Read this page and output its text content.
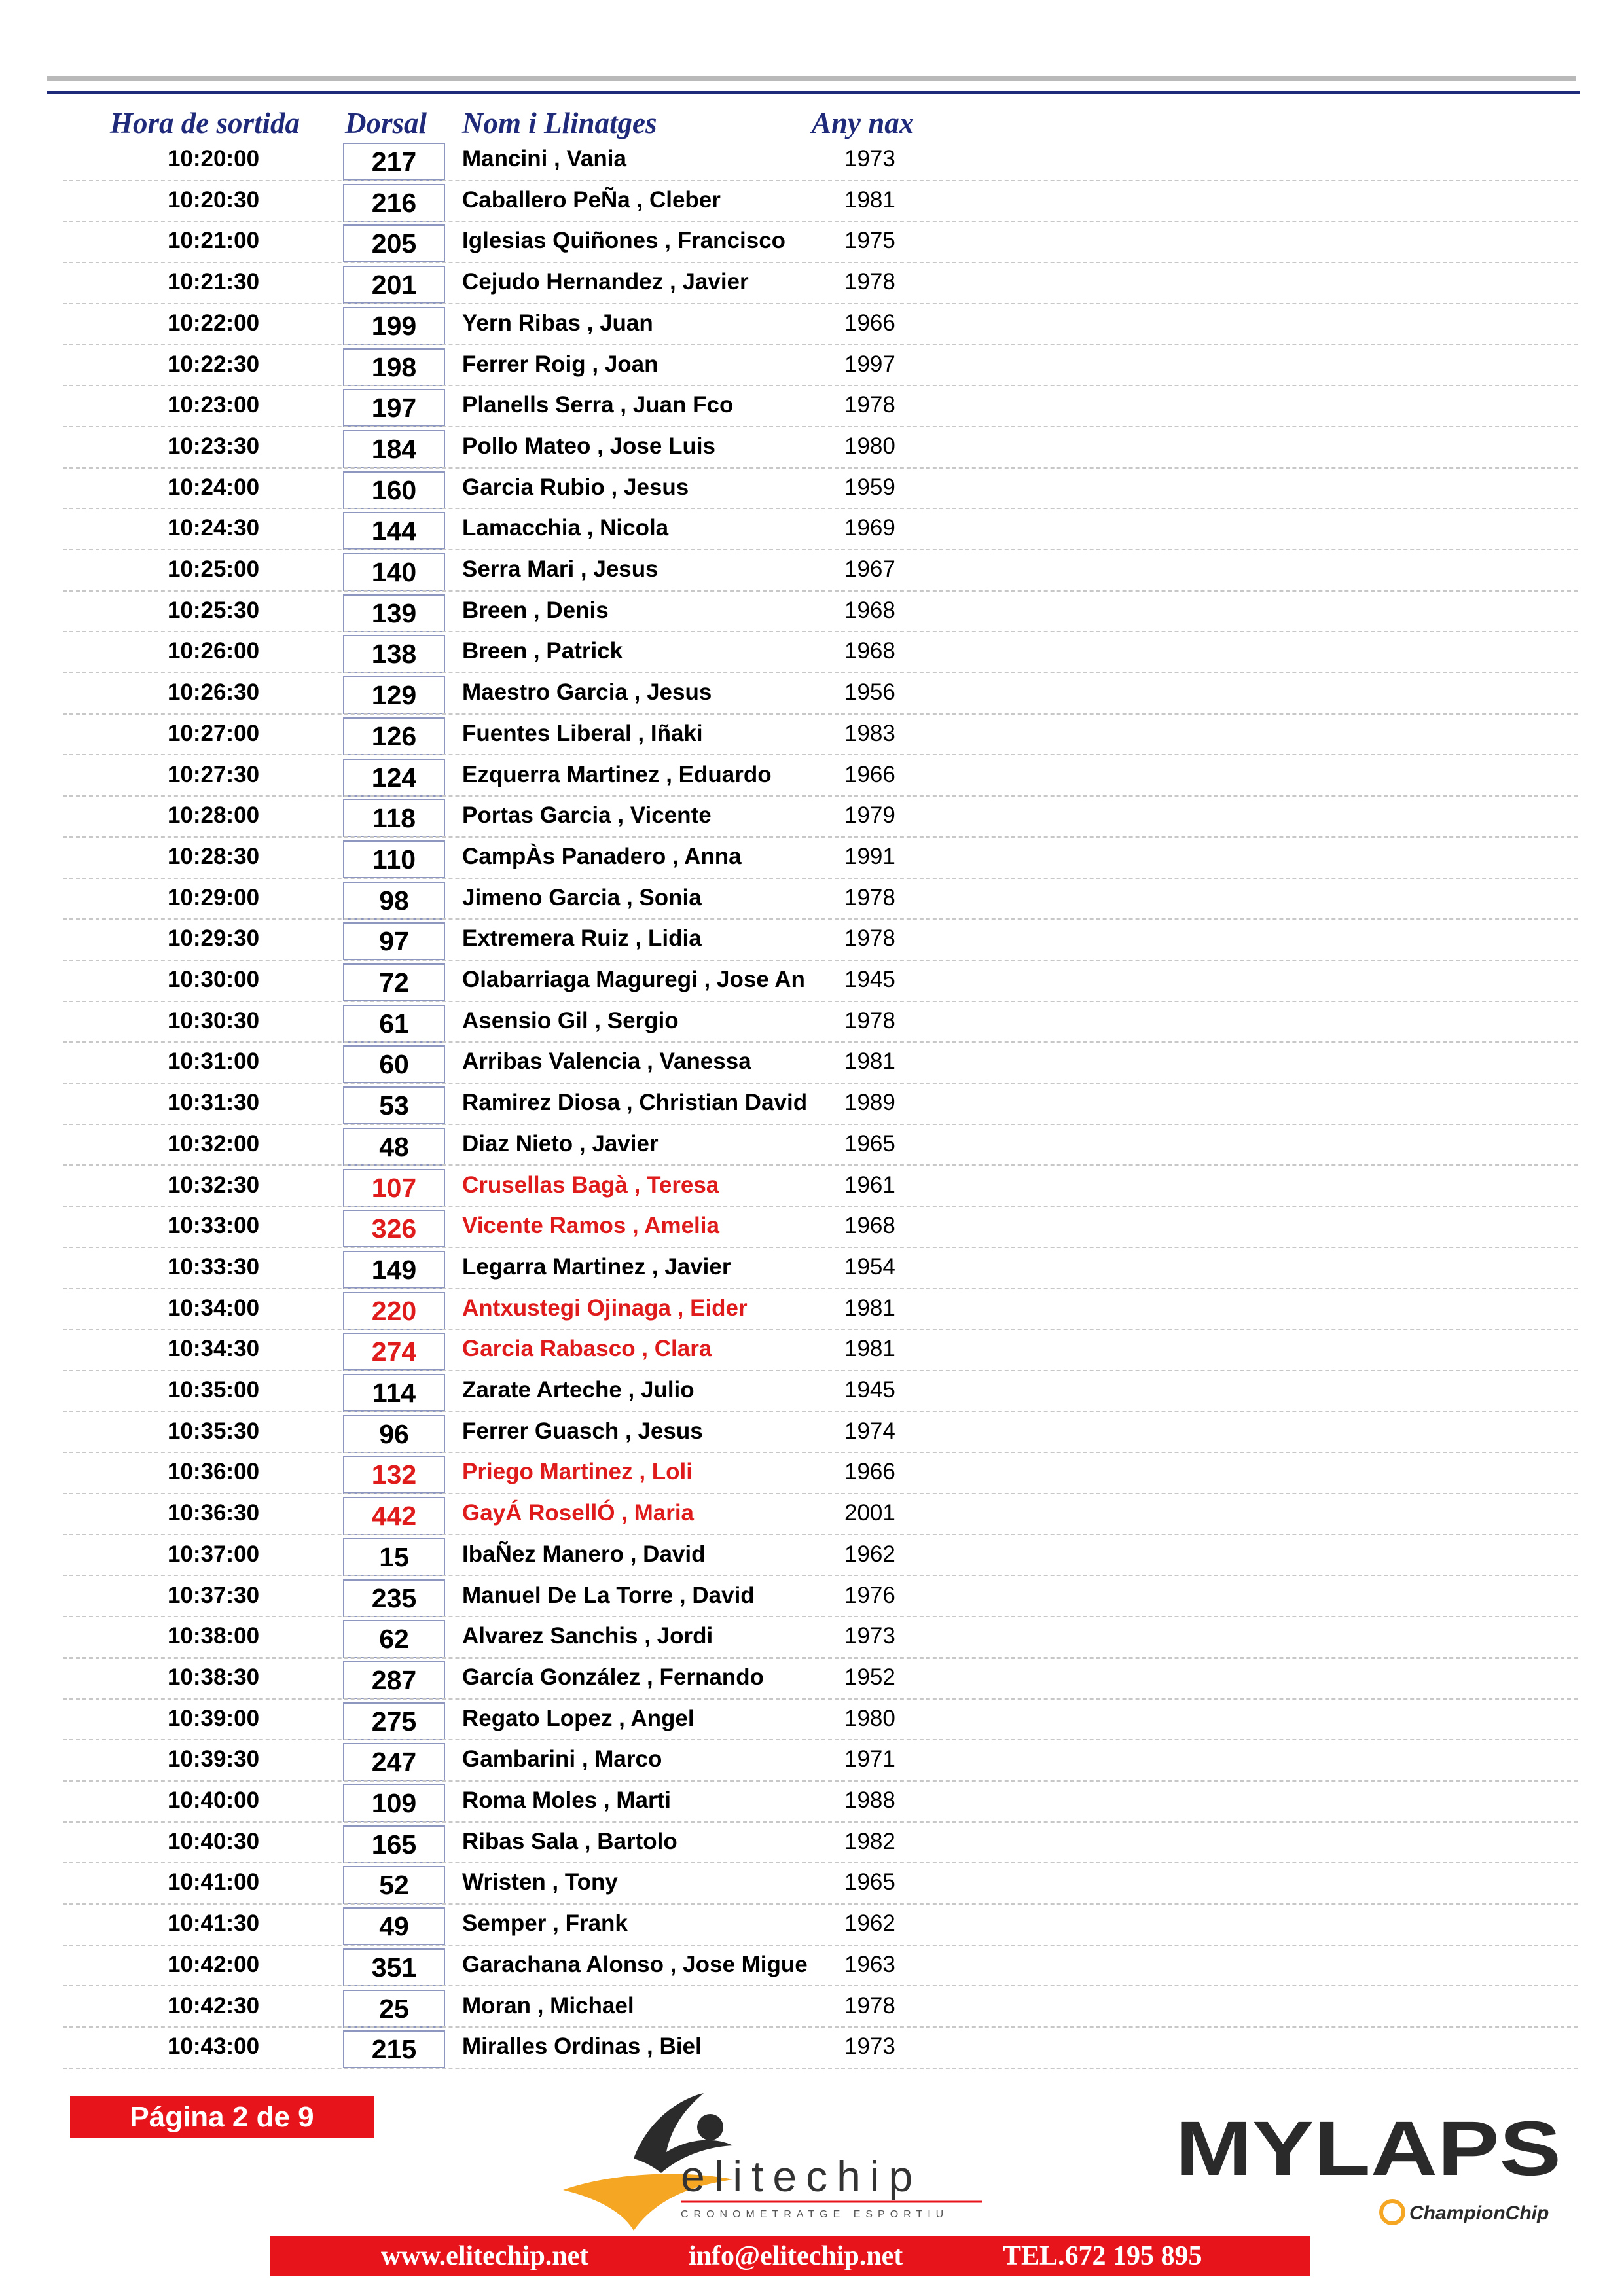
Hora de sortida Dorsal Nom i Llinatges	Any nax
10:20:00	217	Mancini , Vania	1973
10:20:30	216	Caballero PeÑa , Cleber	1981
10:21:00	205	Iglesias Quiñones , Francisco	1975
10:21:30	201	Cejudo Hernandez , Javier	1978
10:22:00	199	Yern Ribas , Juan	1966
10:22:30	198	Ferrer Roig , Joan	1997
10:23:00	197	Planells Serra , Juan Fco	1978
10:23:30	184	Pollo Mateo , Jose Luis	1980
10:24:00	160	Garcia Rubio , Jesus	1959
10:24:30	144	Lamacchia , Nicola	1969
10:25:00	140	Serra Mari , Jesus	1967
10:25:30	139	Breen , Denis	1968
10:26:00	138	Breen , Patrick	1968
10:26:30	129	Maestro Garcia , Jesus	1956
10:27:00	126	Fuentes Liberal , Iñaki	1983
10:27:30	124	Ezquerra Martinez , Eduardo	1966
10:28:00	118	Portas Garcia , Vicente	1979
10:28:30	110	CampÀs Panadero , Anna	1991
10:29:00	98	Jimeno Garcia , Sonia	1978
10:29:30	97	Extremera Ruiz , Lidia	1978
10:30:00	72	Olabarriaga Maguregi , Jose An	1945
10:30:30	61	Asensio Gil , Sergio	1978
10:31:00	60	Arribas Valencia , Vanessa	1981
10:31:30	53	Ramirez Diosa , Christian David	1989
10:32:00	48	Diaz Nieto , Javier	1965
10:32:30	107	Crusellas Bagà , Teresa	1961
10:33:00	326	Vicente Ramos , Amelia	1968
10:33:30	149	Legarra Martinez , Javier	1954
10:34:00	220	Antxustegi Ojinaga , Eider	1981
10:34:30	274	Garcia Rabasco , Clara	1981
10:35:00	114	Zarate Arteche , Julio	1945
10:35:30	96	Ferrer Guasch , Jesus	1974
10:36:00	132	Priego Martinez , Loli	1966
10:36:30	442	GayÁ RosellÓ , Maria	2001
10:37:00	15	IbaÑez Manero , David	1962
10:37:30	235	Manuel De La Torre , David	1976
10:38:00	62	Alvarez Sanchis , Jordi	1973
10:38:30	287	García González , Fernando	1952
10:39:00	275	Regato Lopez , Angel	1980
10:39:30	247	Gambarini , Marco	1971
10:40:00	109	Roma Moles , Marti	1988
10:40:30	165	Ribas Sala , Bartolo	1982
10:41:00	52	Wristen , Tony	1965
10:41:30	49	Semper , Frank	1962
10:42:00	351	Garachana Alonso , Jose Migue	1963
10:42:30	25	Moran , Michael	1978
10:43:00	215	Miralles Ordinas , Biel	1973
Página 2 de 9
elitechip
CRONOMETRATGE ESPORTIU
MYLAPS
ChampionChip
www.elitechip.net	info@elitechip.net	TEL.672 195 895
